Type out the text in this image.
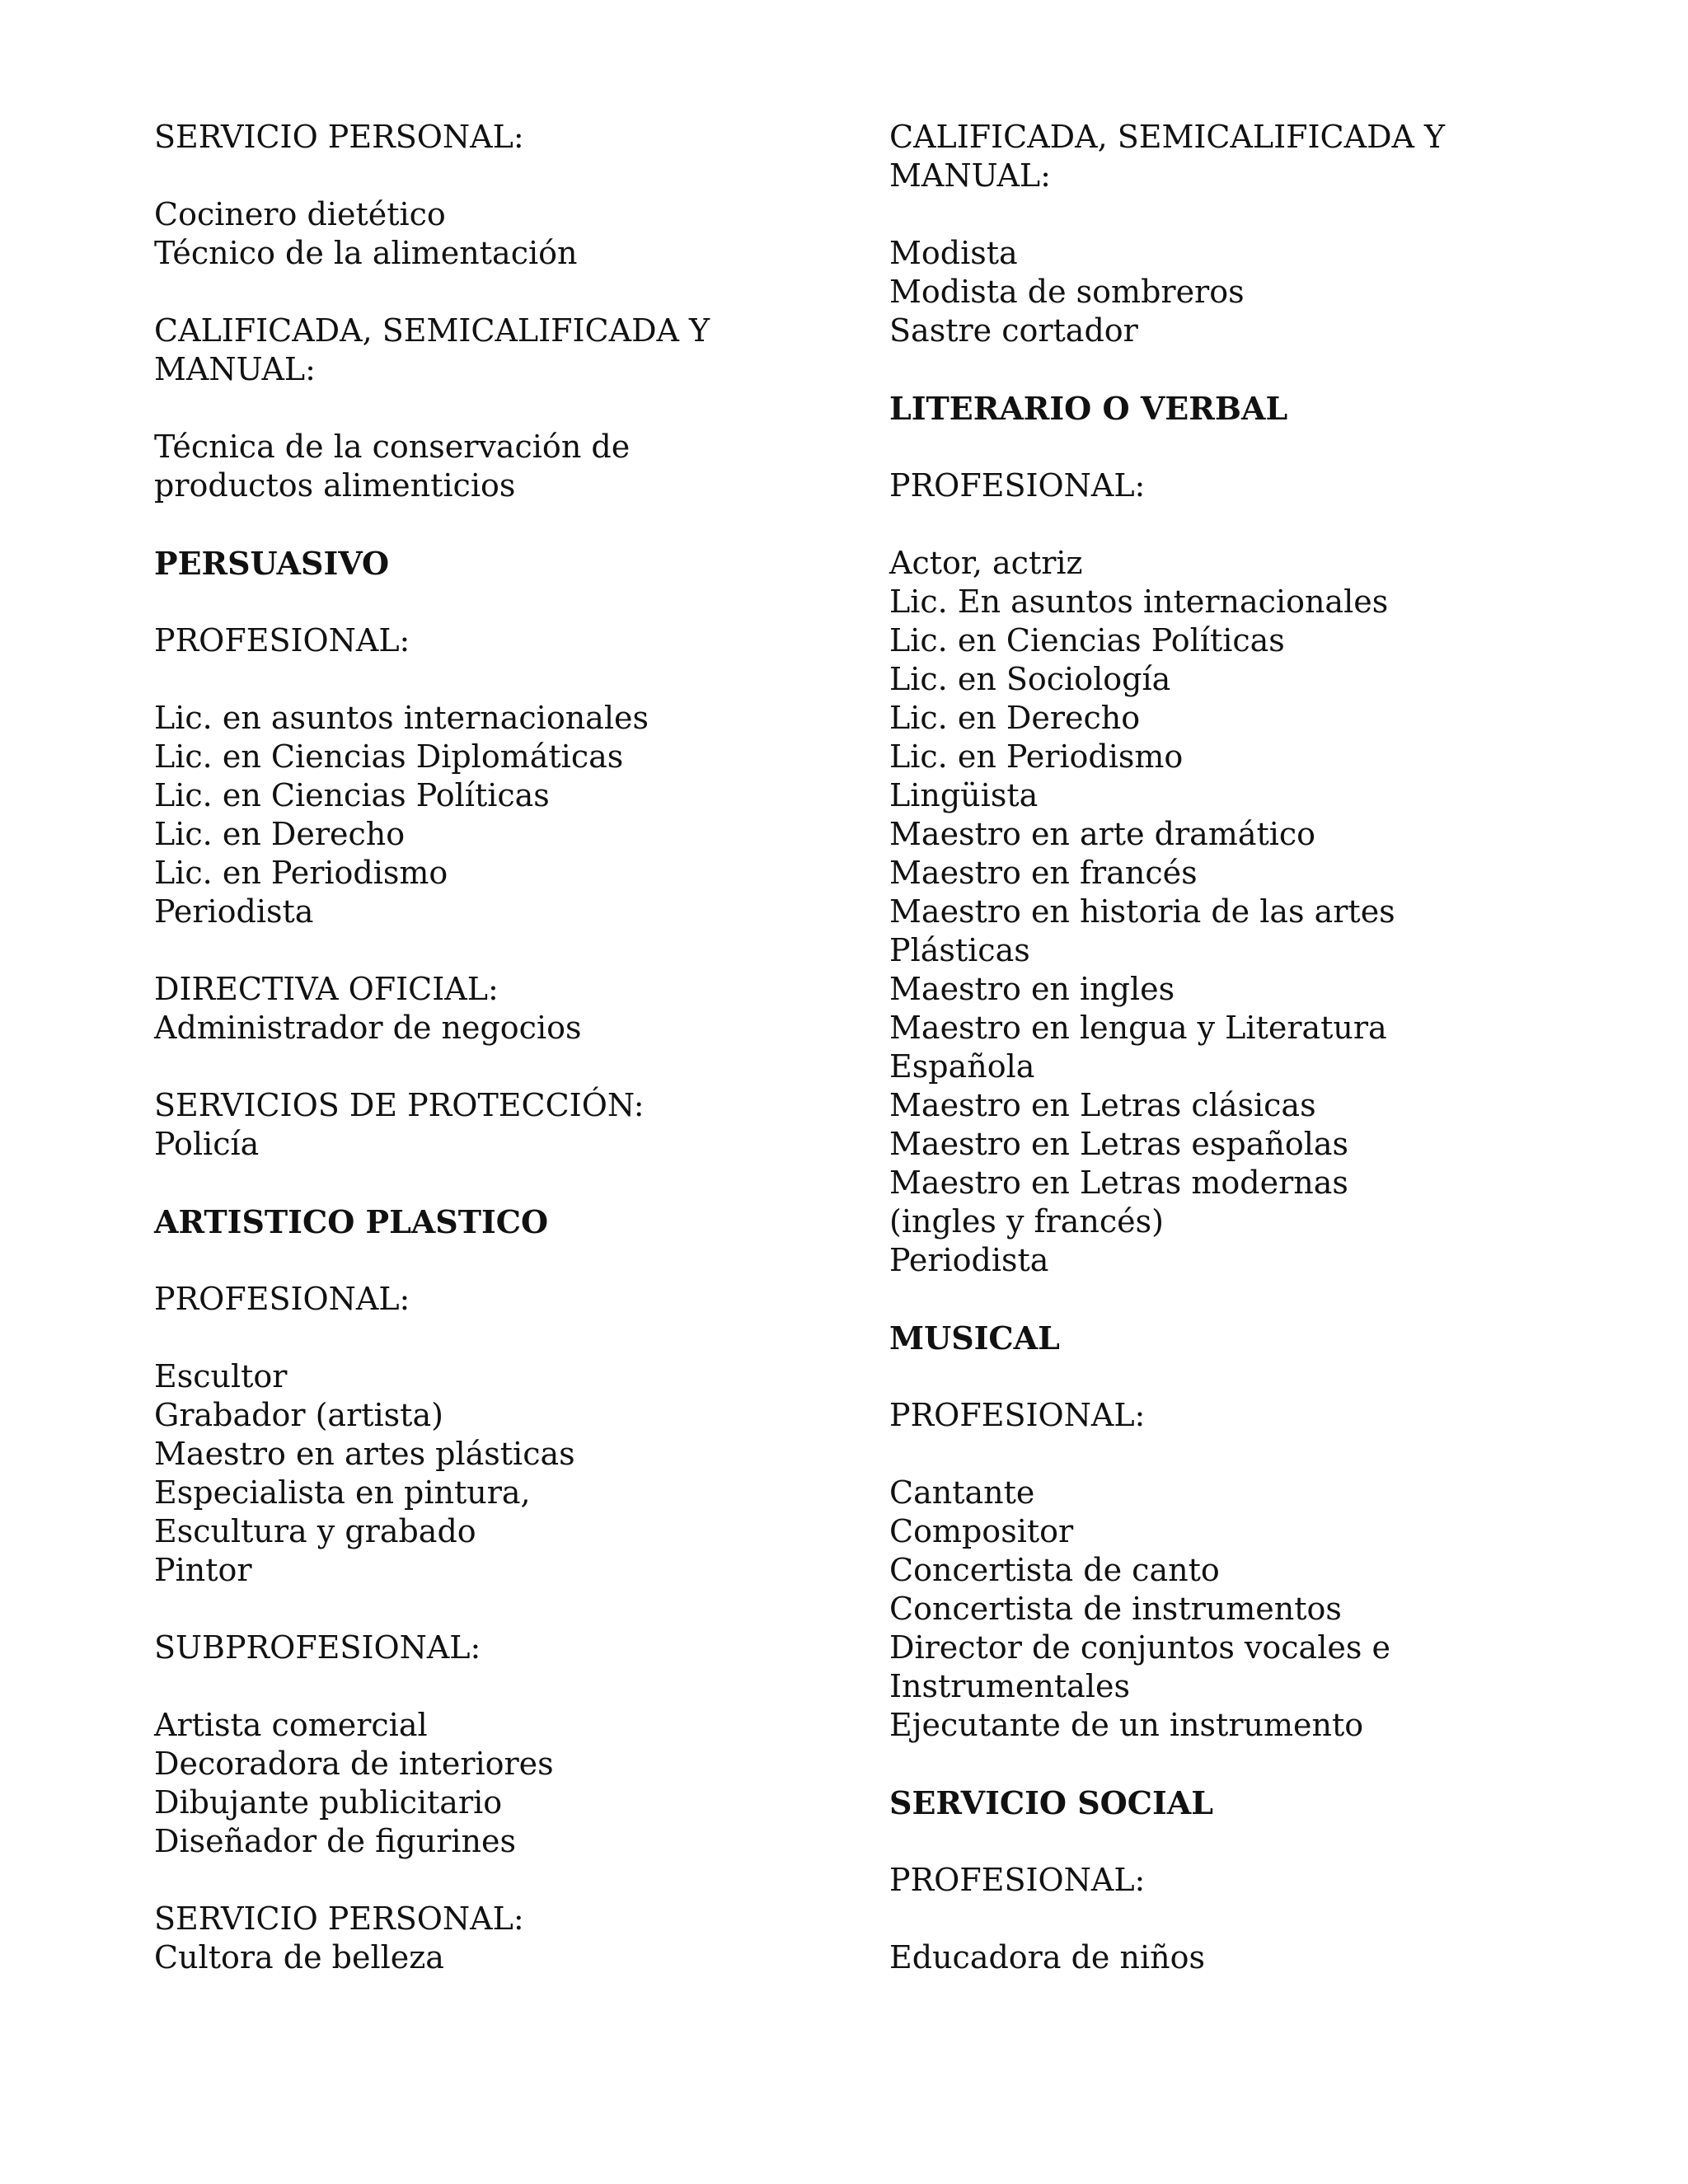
SERVICIO PERSONAL:
Cocinero dietético
Técnico de la alimentación
CALIFICADA, SEMICALIFICADA Y
MANUAL:
Técnica de la conservación de
productos alimenticios
PERSUASIVO
PROFESIONAL:
Lic. en asuntos internacionales
Lic. en Ciencias Diplomáticas
Lic. en Ciencias Políticas
Lic. en Derecho
Lic. en Periodismo
Periodista
DIRECTIVA OFICIAL:
Administrador de negocios
SERVICIOS DE PROTECCIÓN:
Policía
ARTISTICO PLASTICO
PROFESIONAL:
Escultor
Grabador (artista)
Maestro en artes plásticas
Especialista en pintura,
Escultura y grabado
Pintor
SUBPROFESIONAL:
Artista comercial
Decoradora de interiores
Dibujante publicitario
Diseñador de figurines
SERVICIO PERSONAL:
Cultora de belleza
CALIFICADA, SEMICALIFICADA Y
MANUAL:
Modista
Modista de sombreros
Sastre cortador
LITERARIO O VERBAL
PROFESIONAL:
Actor, actriz
Lic. En asuntos internacionales
Lic. en Ciencias Políticas
Lic. en Sociología
Lic. en Derecho
Lic. en Periodismo
Lingüista
Maestro en arte dramático
Maestro en francés
Maestro en historia de las artes
Plásticas
Maestro en ingles
Maestro en lengua y Literatura
Española
Maestro en Letras clásicas
Maestro en Letras españolas
Maestro en Letras modernas
(ingles y francés)
Periodista
MUSICAL
PROFESIONAL:
Cantante
Compositor
Concertista de canto
Concertista de instrumentos
Director de conjuntos vocales e
Instrumentales
Ejecutante de un instrumento
SERVICIO SOCIAL
PROFESIONAL:
Educadora de niños
